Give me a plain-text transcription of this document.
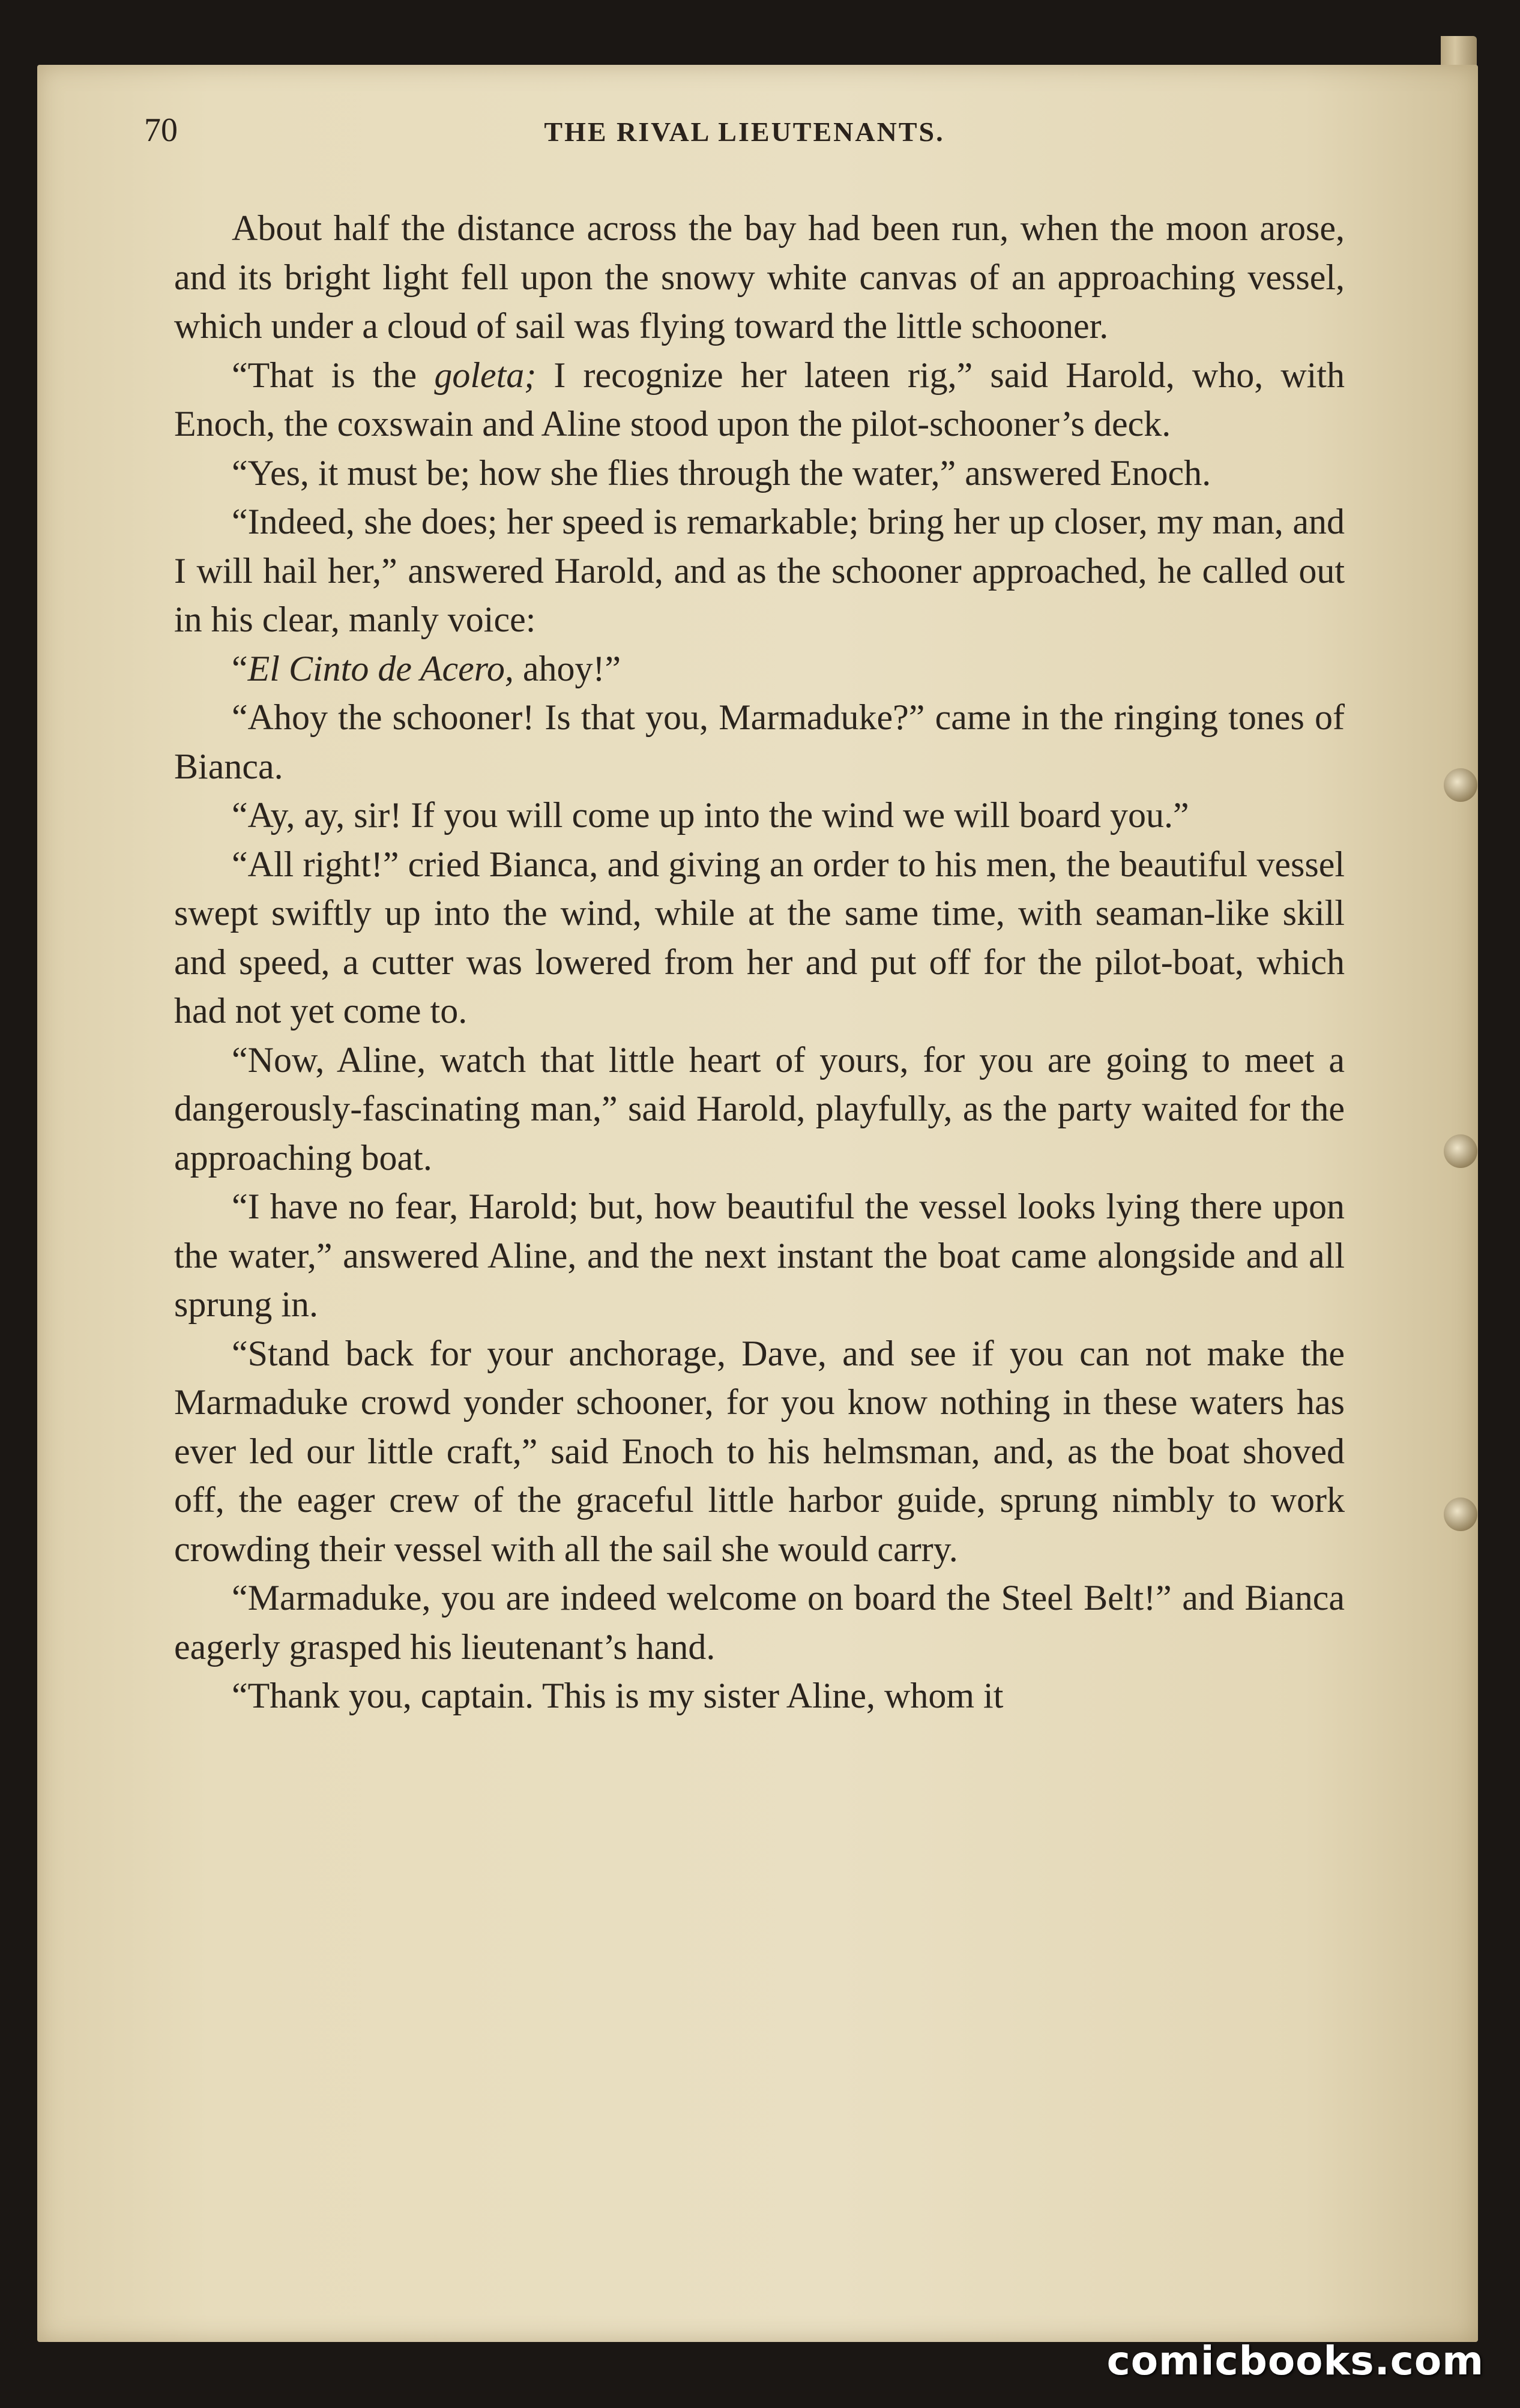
70	THE RIVAL LIEUTENANTS.

About half the distance across the bay had been run, when the moon arose, and its bright light fell upon the snowy white canvas of an approaching vessel, which under a cloud of sail was flying toward the little schooner.

“That is the goleta; I recognize her lateen rig,” said Harold, who, with Enoch, the coxswain and Aline stood upon the pilot-schooner’s deck.

“Yes, it must be; how she flies through the water,” answered Enoch.

“Indeed, she does; her speed is remarkable; bring her up closer, my man, and I will hail her,” answered Harold, and as the schooner approached, he called out in his clear, manly voice:

“El Cinto de Acero, ahoy!”

“Ahoy the schooner! Is that you, Marmaduke?” came in the ringing tones of Bianca.

“Ay, ay, sir! If you will come up into the wind we will board you.”

“All right!” cried Bianca, and giving an order to his men, the beautiful vessel swept swiftly up into the wind, while at the same time, with seaman-like skill and speed, a cutter was lowered from her and put off for the pilot-boat, which had not yet come to.

“Now, Aline, watch that little heart of yours, for you are going to meet a dangerously-fascinating man,” said Harold, playfully, as the party waited for the approaching boat.

“I have no fear, Harold; but, how beautiful the vessel looks lying there upon the water,” answered Aline, and the next instant the boat came alongside and all sprung in.

“Stand back for your anchorage, Dave, and see if you can not make the Marmaduke crowd yonder schooner, for you know nothing in these waters has ever led our little craft,” said Enoch to his helmsman, and, as the boat shoved off, the eager crew of the graceful little harbor guide, sprung nimbly to work crowding their vessel with all the sail she would carry.

“Marmaduke, you are indeed welcome on board the Steel Belt!” and Bianca eagerly grasped his lieutenant’s hand.

“Thank you, captain. This is my sister Aline, whom it

comicbooks.com
